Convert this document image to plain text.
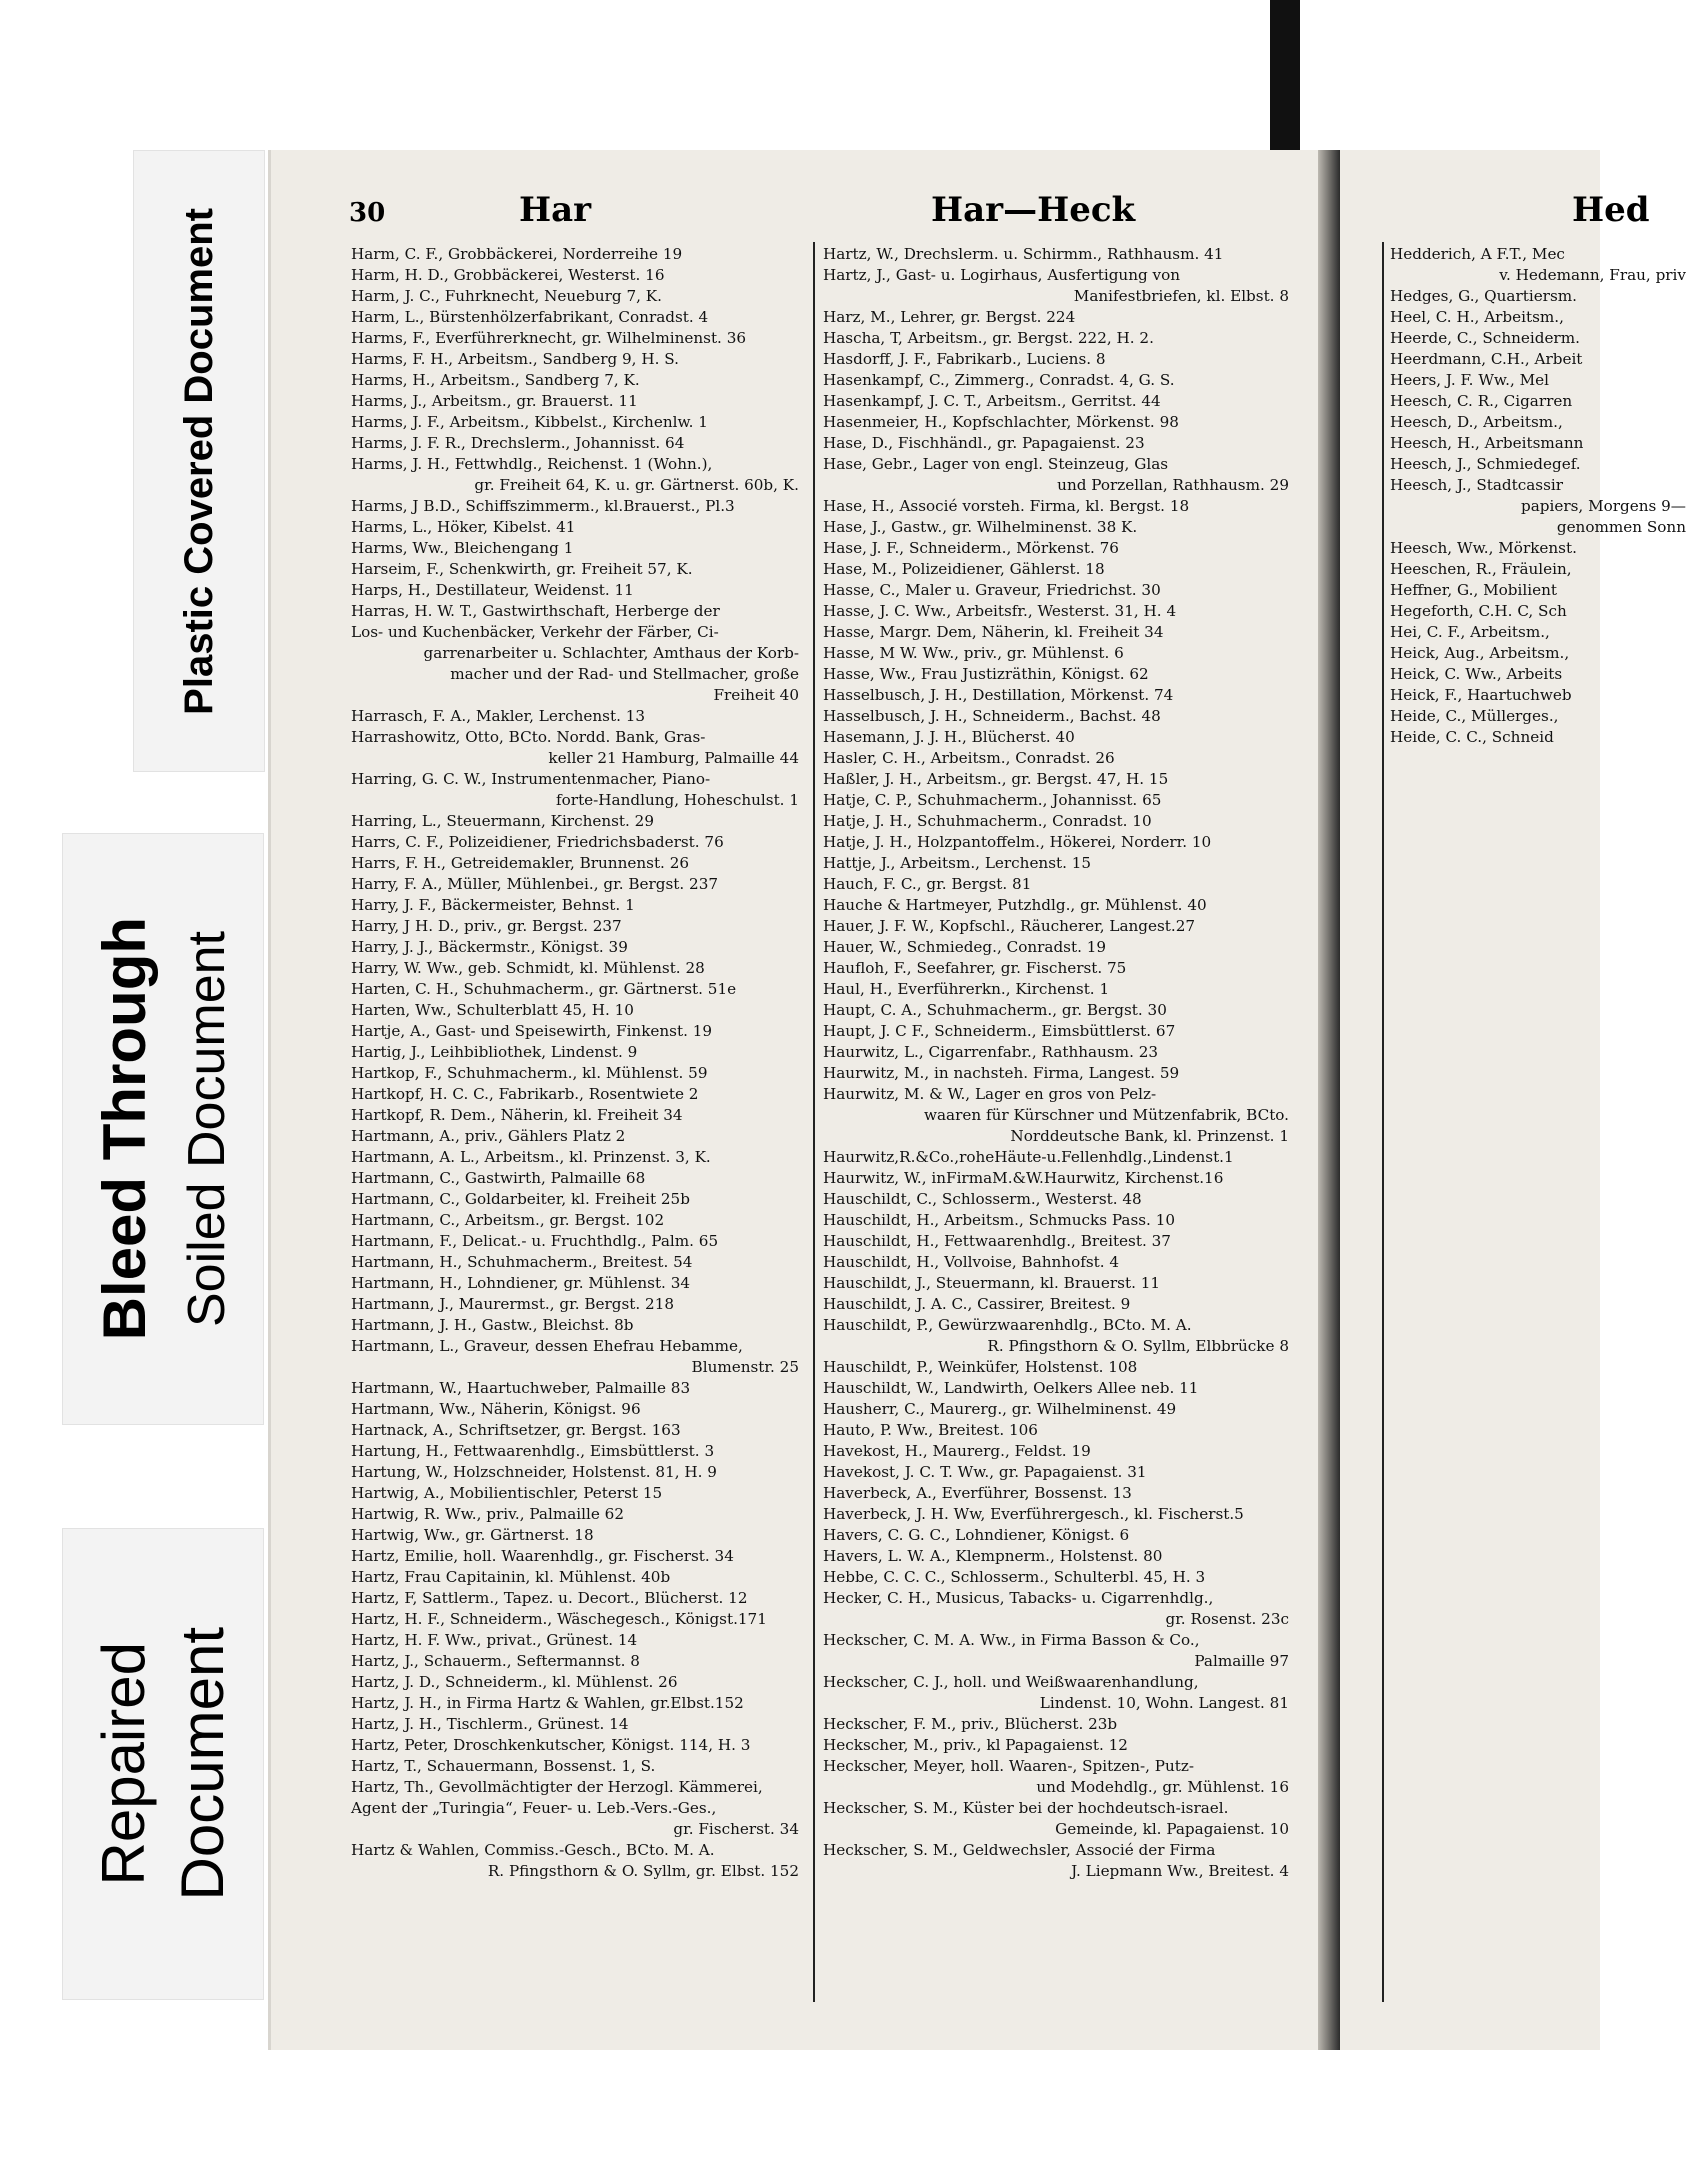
Plastic Covered Document
Bleed Through Soiled Document
Repaired Document
30	Har	Har—Heck
Harm, C. F., Grobbäckerei, Norderreihe 19
Harm, H. D., Grobbäckerei, Westerst. 16
Harm, J. C., Fuhrknecht, Neueburg 7, K.
Harm, L., Bürstenhölzerfabrikant, Conradst. 4
Harms, F., Everführerknecht, gr. Wilhelminenst. 36
Harms, F. H., Arbeitsm., Sandberg 9, H. S.
Harms, H., Arbeitsm., Sandberg 7, K.
Harms, J., Arbeitsm., gr. Brauerst. 11
Harms, J. F., Arbeitsm., Kibbelst., Kirchenlw. 1
Harms, J. F. R., Drechslerm., Johannisst. 64
Harms, J. H., Fettwhdlg., Reichenst. 1 (Wohn.),
gr. Freiheit 64, K. u. gr. Gärtnerst. 60b, K.
Harms, J B.D., Schiffszimmerm., kl.Brauerst., Pl.3
Harms, L., Höker, Kibelst. 41
Harms, Ww., Bleichengang 1
Harseim, F., Schenkwirth, gr. Freiheit 57, K.
Harps, H., Destillateur, Weidenst. 11
Harras, H. W. T., Gastwirthschaft, Herberge der
Los- und Kuchenbäcker, Verkehr der Färber, Ci-
garrenarbeiter u. Schlachter, Amthaus der Korb-
macher und der Rad- und Stellmacher, große
Freiheit 40
Harrasch, F. A., Makler, Lerchenst. 13
Harrashowitz, Otto, BCto. Nordd. Bank, Gras-
keller 21 Hamburg, Palmaille 44
Harring, G. C. W., Instrumentenmacher, Piano-
forte-Handlung, Hoheschulst. 1
Harring, L., Steuermann, Kirchenst. 29
Harrs, C. F., Polizeidiener, Friedrichsbaderst. 76
Harrs, F. H., Getreidemakler, Brunnenst. 26
Harry, F. A., Müller, Mühlenbei., gr. Bergst. 237
Harry, J. F., Bäckermeister, Behnst. 1
Harry, J H. D., priv., gr. Bergst. 237
Harry, J. J., Bäckermstr., Königst. 39
Harry, W. Ww., geb. Schmidt, kl. Mühlenst. 28
Harten, C. H., Schuhmacherm., gr. Gärtnerst. 51e
Harten, Ww., Schulterblatt 45, H. 10
Hartje, A., Gast- und Speisewirth, Finkenst. 19
Hartig, J., Leihbibliothek, Lindenst. 9
Hartkop, F., Schuhmacherm., kl. Mühlenst. 59
Hartkopf, H. C. C., Fabrikarb., Rosentwiete 2
Hartkopf, R. Dem., Näherin, kl. Freiheit 34
Hartmann, A., priv., Gählers Platz 2
Hartmann, A. L., Arbeitsm., kl. Prinzenst. 3, K.
Hartmann, C., Gastwirth, Palmaille 68
Hartmann, C., Goldarbeiter, kl. Freiheit 25b
Hartmann, C., Arbeitsm., gr. Bergst. 102
Hartmann, F., Delicat.- u. Fruchthdlg., Palm. 65
Hartmann, H., Schuhmacherm., Breitest. 54
Hartmann, H., Lohndiener, gr. Mühlenst. 34
Hartmann, J., Maurermst., gr. Bergst. 218
Hartmann, J. H., Gastw., Bleichst. 8b
Hartmann, L., Graveur, dessen Ehefrau Hebamme,
Blumenstr. 25
Hartmann, W., Haartuchweber, Palmaille 83
Hartmann, Ww., Näherin, Königst. 96
Hartnack, A., Schriftsetzer, gr. Bergst. 163
Hartung, H., Fettwaarenhdlg., Eimsbüttlerst. 3
Hartung, W., Holzschneider, Holstenst. 81, H. 9
Hartwig, A., Mobilientischler, Peterst 15
Hartwig, R. Ww., priv., Palmaille 62
Hartwig, Ww., gr. Gärtnerst. 18
Hartz, Emilie, holl. Waarenhdlg., gr. Fischerst. 34
Hartz, Frau Capitainin, kl. Mühlenst. 40b
Hartz, F, Sattlerm., Tapez. u. Decort., Blücherst. 12
Hartz, H. F., Schneiderm., Wäschegesch., Königst.171
Hartz, H. F. Ww., privat., Grünest. 14
Hartz, J., Schauerm., Seftermannst. 8
Hartz, J. D., Schneiderm., kl. Mühlenst. 26
Hartz, J. H., in Firma Hartz & Wahlen, gr.Elbst.152
Hartz, J. H., Tischlerm., Grünest. 14
Hartz, Peter, Droschkenkutscher, Königst. 114, H. 3
Hartz, T., Schauermann, Bossenst. 1, S.
Hartz, Th., Gevollmächtigter der Herzogl. Kämmerei,
Agent der „Turingia“, Feuer- u. Leb.-Vers.-Ges.,
gr. Fischerst. 34
Hartz & Wahlen, Commiss.-Gesch., BCto. M. A.
R. Pfingsthorn & O. Syllm, gr. Elbst. 152
Hartz, W., Drechslerm. u. Schirmm., Rathhausm. 41
Hartz, J., Gast- u. Logirhaus, Ausfertigung von
Manifestbriefen, kl. Elbst. 8
Harz, M., Lehrer, gr. Bergst. 224
Hascha, T, Arbeitsm., gr. Bergst. 222, H. 2.
Hasdorff, J. F., Fabrikarb., Luciens. 8
Hasenkampf, C., Zimmerg., Conradst. 4, G. S.
Hasenkampf, J. C. T., Arbeitsm., Gerritst. 44
Hasenmeier, H., Kopfschlachter, Mörkenst. 98
Hase, D., Fischhändl., gr. Papagaienst. 23
Hase, Gebr., Lager von engl. Steinzeug, Glas
und Porzellan, Rathhausm. 29
Hase, H., Associé vorsteh. Firma, kl. Bergst. 18
Hase, J., Gastw., gr. Wilhelminenst. 38 K.
Hase, J. F., Schneiderm., Mörkenst. 76
Hase, M., Polizeidiener, Gählerst. 18
Hasse, C., Maler u. Graveur, Friedrichst. 30
Hasse, J. C. Ww., Arbeitsfr., Westerst. 31, H. 4
Hasse, Margr. Dem, Näherin, kl. Freiheit 34
Hasse, M W. Ww., priv., gr. Mühlenst. 6
Hasse, Ww., Frau Justizräthin, Königst. 62
Hasselbusch, J. H., Destillation, Mörkenst. 74
Hasselbusch, J. H., Schneiderm., Bachst. 48
Hasemann, J. J. H., Blücherst. 40
Hasler, C. H., Arbeitsm., Conradst. 26
Haßler, J. H., Arbeitsm., gr. Bergst. 47, H. 15
Hatje, C. P., Schuhmacherm., Johannisst. 65
Hatje, J. H., Schuhmacherm., Conradst. 10
Hatje, J. H., Holzpantoffelm., Hökerei, Norderr. 10
Hattje, J., Arbeitsm., Lerchenst. 15
Hauch, F. C., gr. Bergst. 81
Hauche & Hartmeyer, Putzhdlg., gr. Mühlenst. 40
Hauer, J. F. W., Kopfschl., Räucherer, Langest.27
Hauer, W., Schmiedeg., Conradst. 19
Haufloh, F., Seefahrer, gr. Fischerst. 75
Haul, H., Everführerkn., Kirchenst. 1
Haupt, C. A., Schuhmacherm., gr. Bergst. 30
Haupt, J. C F., Schneiderm., Eimsbüttlerst. 67
Haurwitz, L., Cigarrenfabr., Rathhausm. 23
Haurwitz, M., in nachsteh. Firma, Langest. 59
Haurwitz, M. & W., Lager en gros von Pelz-
waaren für Kürschner und Mützenfabrik, BCto.
Norddeutsche Bank, kl. Prinzenst. 1
Haurwitz,R.&Co.,roheHäute-u.Fellenhdlg.,Lindenst.1
Haurwitz, W., inFirmaM.&W.Haurwitz, Kirchenst.16
Hauschildt, C., Schlosserm., Westerst. 48
Hauschildt, H., Arbeitsm., Schmucks Pass. 10
Hauschildt, H., Fettwaarenhdlg., Breitest. 37
Hauschildt, H., Vollvoise, Bahnhofst. 4
Hauschildt, J., Steuermann, kl. Brauerst. 11
Hauschildt, J. A. C., Cassirer, Breitest. 9
Hauschildt, P., Gewürzwaarenhdlg., BCto. M. A.
R. Pfingsthorn & O. Syllm, Elbbrücke 8
Hauschildt, P., Weinküfer, Holstenst. 108
Hauschildt, W., Landwirth, Oelkers Allee neb. 11
Hausherr, C., Maurerg., gr. Wilhelminenst. 49
Hauto, P. Ww., Breitest. 106
Havekost, H., Maurerg., Feldst. 19
Havekost, J. C. T. Ww., gr. Papagaienst. 31
Haverbeck, A., Everführer, Bossenst. 13
Haverbeck, J. H. Ww, Everführergesch., kl. Fischerst.5
Havers, C. G. C., Lohndiener, Königst. 6
Havers, L. W. A., Klempnerm., Holstenst. 80
Hebbe, C. C. C., Schlosserm., Schulterbl. 45, H. 3
Hecker, C. H., Musicus, Tabacks- u. Cigarrenhdlg.,
gr. Rosenst. 23c
Heckscher, C. M. A. Ww., in Firma Basson & Co.,
Palmaille 97
Heckscher, C. J., holl. und Weißwaarenhandlung,
Lindenst. 10, Wohn. Langest. 81
Heckscher, F. M., priv., Blücherst. 23b
Heckscher, M., priv., kl Papagaienst. 12
Heckscher, Meyer, holl. Waaren-, Spitzen-, Putz-
und Modehdlg., gr. Mühlenst. 16
Heckscher, S. M., Küster bei der hochdeutsch-israel.
Gemeinde, kl. Papagaienst. 10
Heckscher, S. M., Geldwechsler, Associé der Firma
J. Liepmann Ww., Breitest. 4
Hed
Hedderich, A F.T., Mec
v. Hedemann, Frau, priv
Hedges, G., Quartiersm.
Heel, C. H., Arbeitsm.,
Heerde, C., Schneiderm.
Heerdmann, C.H., Arbeit
Heers, J. F. Ww., Mel
Heesch, C. R., Cigarren
Heesch, D., Arbeitsm.,
Heesch, H., Arbeitsmann
Heesch, J., Schmiedegef.
Heesch, J., Stadtcassir
papiers, Morgens 9—
genommen Sonn
Heesch, Ww., Mörkenst.
Heeschen, R., Fräulein,
Heffner, G., Mobilient
Hegeforth, C.H. C, Sch
Hei, C. F., Arbeitsm.,
Heick, Aug., Arbeitsm.,
Heick, C. Ww., Arbeits
Heick, F., Haartuchweb
Heide, C., Müllerges.,
Heide, C. C., Schneid
